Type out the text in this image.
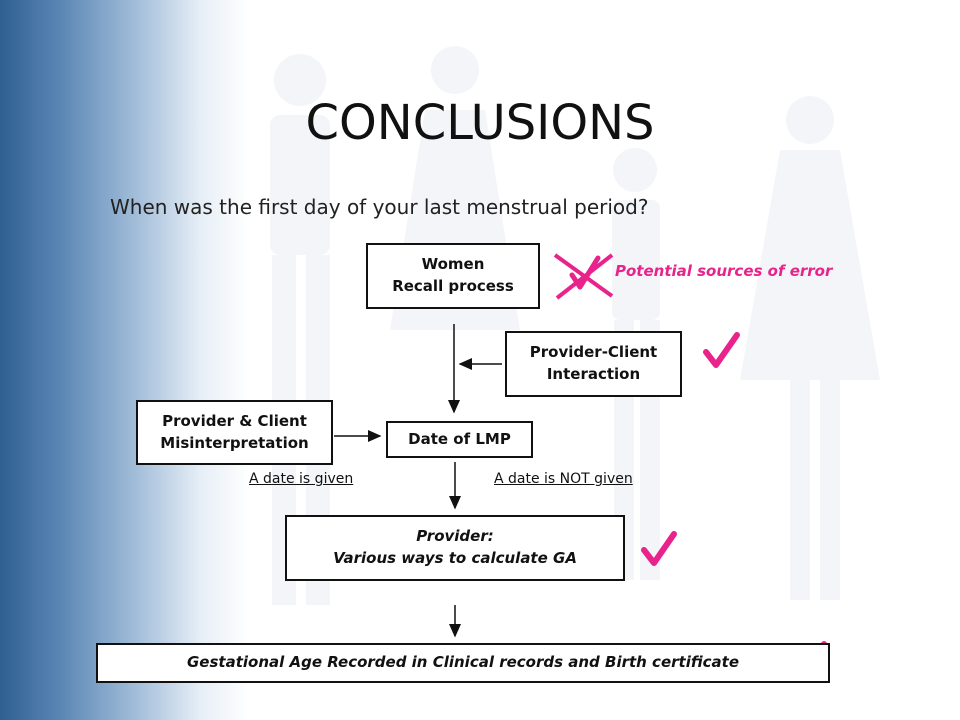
CONCLUSIONS
When was the first day of your last menstrual period?
Potential sources of error
Women
Recall process
Provider-Client
Interaction
Provider & Client
Misinterpretation	Date of LMP
A date is given	A date is NOT given
Provider:
Various ways to calculate GA
Gestational Age Recorded in Clinical records and Birth certificate
